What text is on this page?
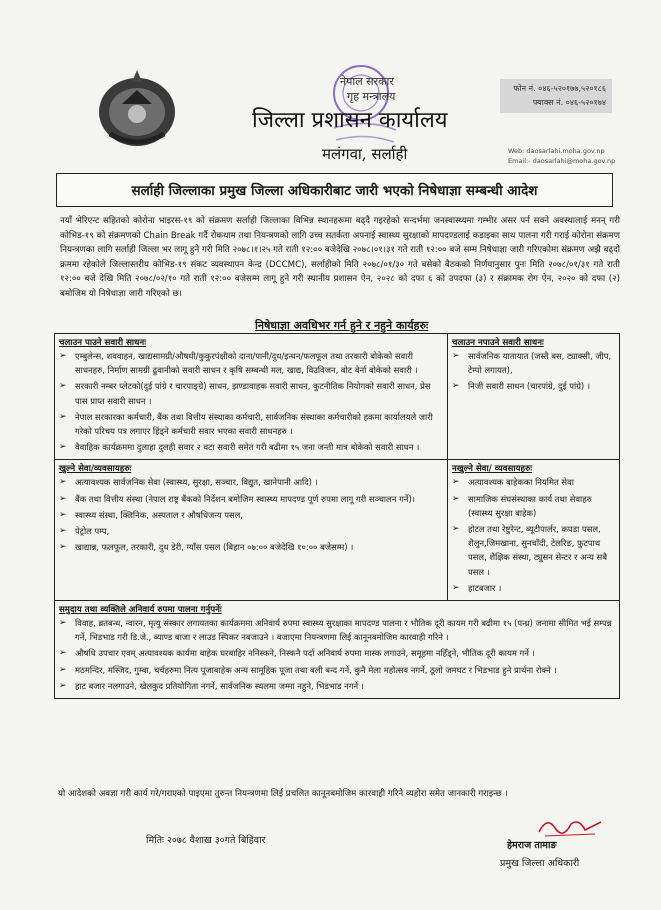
नेपाल सरकार
गृह मन्त्रालय
जिल्ला प्रशासन कार्यालय
मलंगवा, सर्लाही
फोन नं. ०४६-५२०१७७,५२०१८६
फ्याक्स नं. ०४६-५२०१७४
Web: daosarlahi.moha.gov.np
Email:- daosarlahi@moha.gov.np
सर्लाही जिल्लाका प्रमुख जिल्ला अधिकारीबाट जारी भएको निषेधाज्ञा सम्बन्धी आदेश
नयाँ भेरिएन्ट सहितको कोरोना भाइरस-१९ को संक्रमण सर्लाही जिल्लाका विभिन्न स्थानहरूमा बढ्दै गइरहेको सन्दर्भमा जनस्वास्थ्यमा गम्भीर असर पर्न सक्ने अवस्थालाई मनन् गरी कोभिड-१९ को संक्रमणको Chain Break गर्दै रोकथाम तथा नियन्त्रणको लागि उच्च सतर्कता अपनाई स्वास्थ्य सुरक्षाको मापदण्डलाई कडाइका साथ पालना गरी गराई कोरोना संक्रमण नियन्त्रणका लागि सर्लाही जिल्ला भर लागू हुने गरी मिति २०७८।१।२५ गते राती १२:०० बजेदेखि २०७८।०१।३१ गते राती १२:०० बजे सम्म निषेधाज्ञा जारी गरिएकोमा संक्रमण अझै बढ्दो क्रममा रहेकोले जिल्लास्तरीय कोभिड-१९ संकट व्यवस्थापन केन्द्र (DCCMC), सर्लाहीको मिति २०७८/०१/३० गते बसेको बैठकको निर्णयानुसार पुनः मिति २०७८/०१/३१ गते राती १२:०० बजे देखि मिति २०७८/०२/१० गते राती १२:०० बजेसम्म लागू हुने गरी स्थानीय प्रशासन ऐन, २०२८ को दफा ६ को उपदफा (३) र संक्रामक रोग ऐन, २०२० को दफा (२) बमोजिम यो निषेधाज्ञा जारी गरिएको छ।
निषेधाज्ञा अवधिभर गर्न हुने र नहुने कार्यहरुः
चलाउन पाउने सवारी साधनः
➢ एम्बुलेन्स, शववाहन, खाद्यसामग्री/औषधी/कुकुरपंक्षीको दाना/पानी/दुध/इन्धन/फलफूल तथा तरकारी बोकेको सवारी साधनहरु, निर्माण सामग्री ढुवानीको सवारी साधन र कृषि सम्बन्धी मल, खाद्य, विउविजन, बोट बेर्ना बोकेको सवारी ।
➢ सरकारी नम्बर प्लेटको(दुई पांग्रे र चारपाङ्ग्रे) साधन, झण्डावाहक सवारी साधन, कुटनीतिक नियोगको सवारी साधन, प्रेस पास प्राप्त सवारी साधन ।
➢ नेपाल सरकारका कर्मचारी, बैंक तथा वित्तीय संस्थाका कर्मचारी, सार्वजनिक संस्थाका कर्मचारीको हकमा कार्यालयले जारी गरेको परिचय पत्र लगाएर हिंड्ने कर्मचारी सवार भएका सवारी साधनहरु ।
➢ वैवाहिक कार्यक्रममा दुलाहा दुलही सवार २ वटा सवारी समेत गरी बढीमा १५ जना जन्ती मात्र बोकेको सवारी साधन ।
चलाउन नपाउने सवारी साधनः
➢ सार्वजनिक यातायात (जस्तै बस, ट्याक्सी, जीप, टेम्पो लगायत),
➢ निजी सवारी साधन (चारपांग्रे, दुई पांग्रे) ।
खुल्ने सेवा/व्यवसायहरुः
➢ अत्यावश्यक सार्वजनिक सेवा (स्वास्थ्य, सुरक्षा, सञ्चार, विद्युत, खानेपानी आदि) ।
➢ बैंक तथा वित्तीय संस्था (नेपाल राष्ट्र बैंकको निर्देशन बमोजिम स्वास्थ्य मापदण्ड पूर्ण रुपमा लागू गरी सञ्चालन गर्ने)।
➢ स्वास्थ्य संस्था, क्लिनिक, अस्पताल र औषधिजन्य पसल,
➢ पेट्रोल पम्प,
➢ खाद्यान्न, फलफूल, तरकारी, दुध डेरी, ग्याँस पसल (बिहान ०७:०० बजेदेखि १०:०० बजेसम्म) ।
नखुल्ने सेवा/ व्यवसायहरुः
➢ अत्यावश्यक बाहेकका नियमित सेवा
➢ सामाजिक संघसंस्थाका कार्य तथा सेवाहरु (स्वास्थ्य सुरक्षा बाहेक)
➢ होटल तथा रेष्टुरेन्ट, ब्यूटीपार्लर, कपडा पसल, शैलुन,जिमखाना, सुनचाँदी, टेलरिङ, फुटपाथ पसल, शैक्षिक संस्था, ट्युसन सेन्टर र अन्य सबै पसल ।
➢ हाटबजार ।
समुदाय तथा व्यक्तिले अनिवार्य रुपमा पालना गर्नुपर्नेः
➢ विवाह, ब्रतबन्ध, न्वारन, मृत्यु संस्कार लगायतका कार्यक्रममा अनिवार्य रुपमा स्वास्थ्य सुरक्षाका मापदण्ड पालना र भौतिक दूरी कायम गरी बढीमा १५ (पन्ध्र) जनामा सीमित भई सम्पन्न गर्ने, भिडभाड गरी डि.जे., ब्याण्ड बाजा र लाउड स्पिकर नबजाउने । बजाएमा नियन्त्रणमा लिई कानूनबमोजिम कारवाही गरिने ।
➢ औषधि उपचार एवम् अत्यावश्यक कार्यमा बाहेक घरबाहिर ननिस्कने, निस्कनै पर्दा अनिवार्य रुपमा मास्क लगाउने, समूहमा नहिँड्ने, भौतिक दूरी कायम गर्ने ।
➢ मठमन्दिर, मस्जिद, गुम्बा, चर्चहरुमा नित्य पूजाबाहेक अन्य सामूहिक पूजा तथा बली बन्द गर्ने, कुनै मेला महोत्सव नगर्ने, ठूलो जमघट र भिडभाड हुने प्रार्थना रोक्ने ।
➢ हाट बजार नलगाउने, खेलकुद प्रतियोगिता नगर्ने, सार्वजनिक स्थलमा जम्मा नहुने, भिडभाड नगर्ने ।
यो आदेशको अवज्ञा गरी कार्य गरे/गराएको पाइएमा तुरुन्त नियन्त्रणमा लिई प्रचलित कानूनबमोजिम कारवाही गरिने व्यहोरा समेत जानकारी गराइन्छ ।
मितिः २०७८ वैशाख ३०गते बिहिवार	हेमराज तामाङ
प्रमुख जिल्ला अधिकारी
